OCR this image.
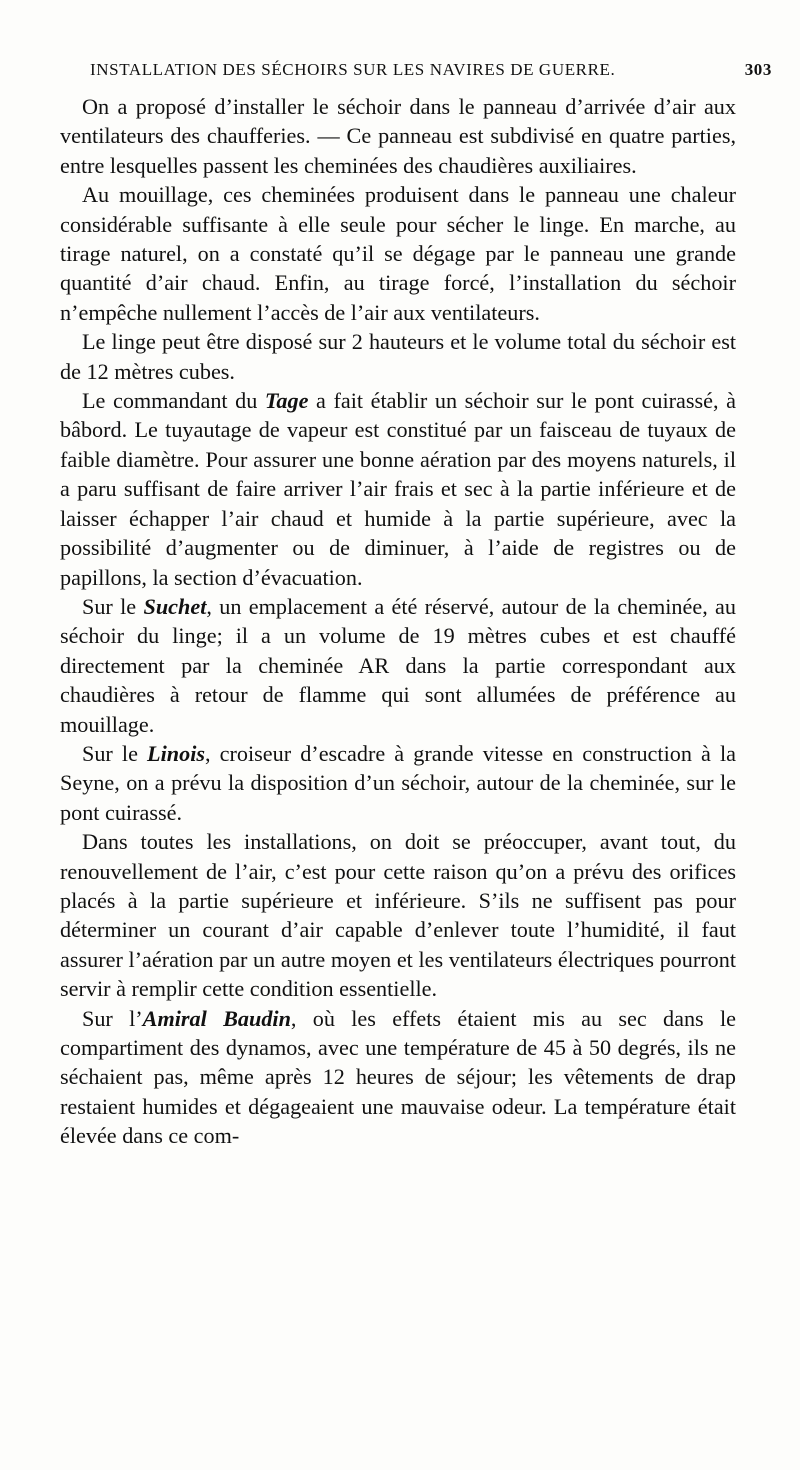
INSTALLATION DES SÉCHOIRS SUR LES NAVIRES DE GUERRE.	303

On a proposé d’installer le séchoir dans le panneau d’arrivée d’air aux ventilateurs des chaufferies. — Ce panneau est subdivisé en quatre parties, entre lesquelles passent les cheminées des chaudières auxiliaires.

Au mouillage, ces cheminées produisent dans le panneau une chaleur considérable suffisante à elle seule pour sécher le linge. En marche, au tirage naturel, on a constaté qu’il se dégage par le panneau une grande quantité d’air chaud. Enfin, au tirage forcé, l’installation du séchoir n’empêche nullement l’accès de l’air aux ventilateurs.

Le linge peut être disposé sur 2 hauteurs et le volume total du séchoir est de 12 mètres cubes.

Le commandant du Tage a fait établir un séchoir sur le pont cuirassé, à bâbord. Le tuyautage de vapeur est constitué par un faisceau de tuyaux de faible diamètre. Pour assurer une bonne aération par des moyens naturels, il a paru suffisant de faire arriver l’air frais et sec à la partie inférieure et de laisser échapper l’air chaud et humide à la partie supérieure, avec la possibilité d’augmenter ou de diminuer, à l’aide de registres ou de papillons, la section d’évacuation.

Sur le Suchet, un emplacement a été réservé, autour de la cheminée, au séchoir du linge; il a un volume de 19 mètres cubes et est chauffé directement par la cheminée AR dans la partie correspondant aux chaudières à retour de flamme qui sont allumées de préférence au mouillage.

Sur le Linois, croiseur d’escadre à grande vitesse en construction à la Seyne, on a prévu la disposition d’un séchoir, autour de la cheminée, sur le pont cuirassé.

Dans toutes les installations, on doit se préoccuper, avant tout, du renouvellement de l’air, c’est pour cette raison qu’on a prévu des orifices placés à la partie supérieure et inférieure. S’ils ne suffisent pas pour déterminer un courant d’air capable d’enlever toute l’humidité, il faut assurer l’aération par un autre moyen et les ventilateurs électriques pourront servir à remplir cette condition essentielle.

Sur l’Amiral Baudin, où les effets étaient mis au sec dans le compartiment des dynamos, avec une température de 45 à 50 degrés, ils ne séchaient pas, même après 12 heures de séjour; les vêtements de drap restaient humides et dégageaient une mauvaise odeur. La température était élevée dans ce com-
